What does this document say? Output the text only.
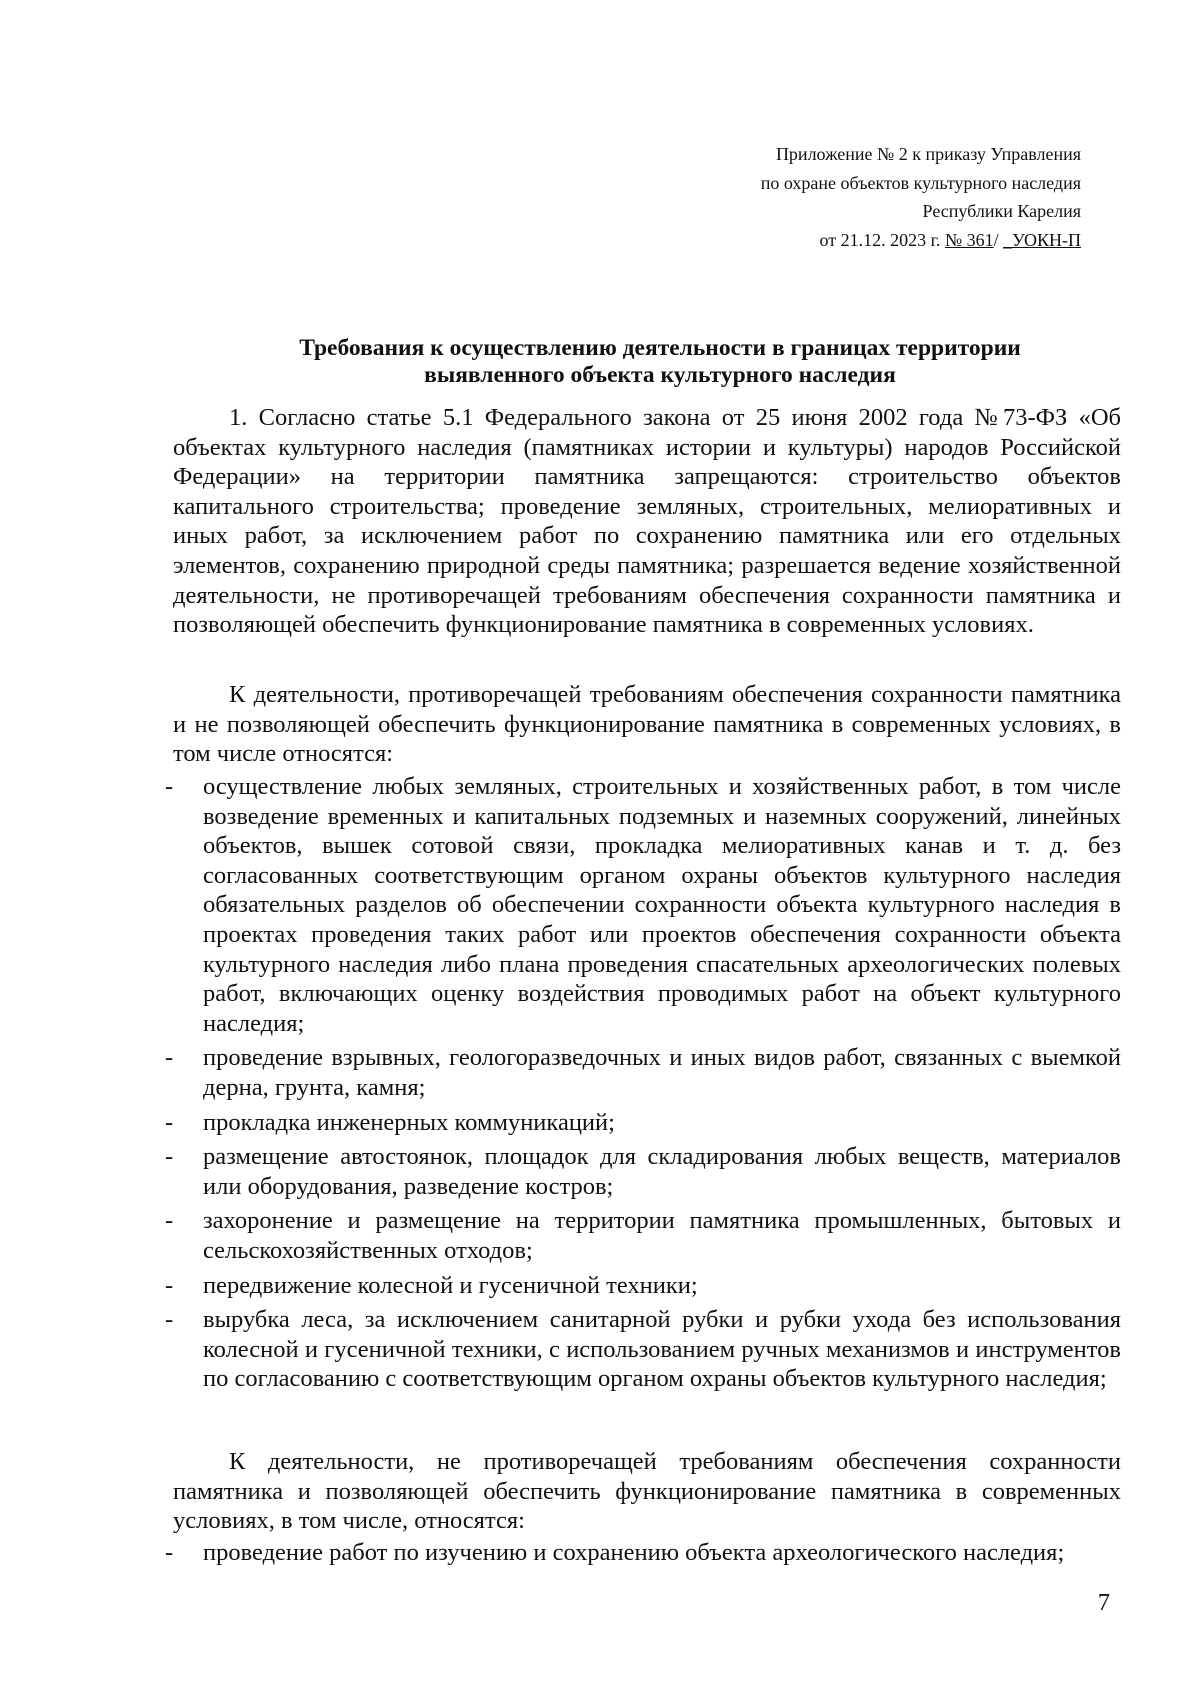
Приложение № 2 к приказу Управления
по охране объектов культурного наследия
Республики Карелия
от 21.12. 2023 г. № 361/ _УОКН-П
Требования к осуществлению деятельности в границах территории
выявленного объекта культурного наследия

1. Согласно статье 5.1 Федерального закона от 25 июня 2002 года №73-ФЗ «Об объектах культурного наследия (памятниках истории и культуры) народов Российской Федерации» на территории памятника запрещаются: строительство объектов капитального строительства; проведение земляных, строительных, мелиоративных и иных работ, за исключением работ по сохранению памятника или его отдельных элементов, сохранению природной среды памятника; разрешается ведение хозяйственной деятельности, не противоречащей требованиям обеспечения сохранности памятника и позволяющей обеспечить функционирование памятника в современных условиях.

К деятельности, противоречащей требованиям обеспечения сохранности памятника и не позволяющей обеспечить функционирование памятника в современных условиях, в том числе относятся:

- осуществление любых земляных, строительных и хозяйственных работ, в том числе возведение временных и капитальных подземных и наземных сооружений, линейных объектов, вышек сотовой связи, прокладка мелиоративных канав и т. д. без согласованных соответствующим органом охраны объектов культурного наследия обязательных разделов об обеспечении сохранности объекта культурного наследия в проектах проведения таких работ или проектов обеспечения сохранности объекта культурного наследия либо плана проведения спасательных археологических полевых работ, включающих оценку воздействия проводимых работ на объект культурного наследия;
- проведение взрывных, геологоразведочных и иных видов работ, связанных с выемкой дерна, грунта, камня;
- прокладка инженерных коммуникаций;
- размещение автостоянок, площадок для складирования любых веществ, материалов или оборудования, разведение костров;
- захоронение и размещение на территории памятника промышленных, бытовых и сельскохозяйственных отходов;
- передвижение колесной и гусеничной техники;
- вырубка леса, за исключением санитарной рубки и рубки ухода без использования колесной и гусеничной техники, с использованием ручных механизмов и инструментов по согласованию с соответствующим органом охраны объектов культурного наследия;

К деятельности, не противоречащей требованиям обеспечения сохранности памятника и позволяющей обеспечить функционирование памятника в современных условиях, в том числе, относятся:

- проведение работ по изучению и сохранению объекта археологического наследия;
7
